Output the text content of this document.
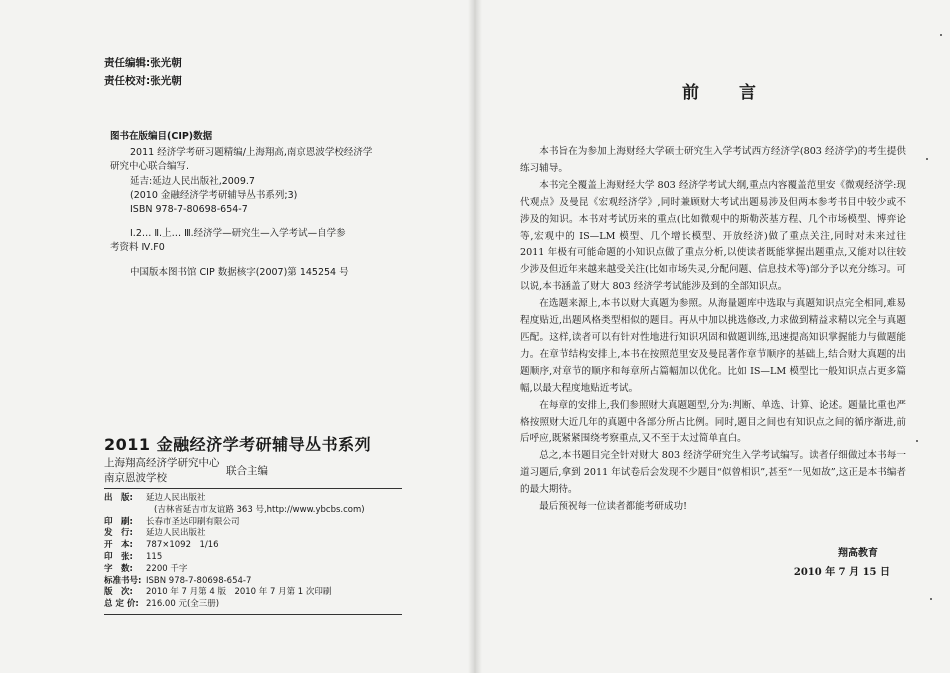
责任编辑:张光朝
责任校对:张光朝
图书在版编目(CIP)数据
2011 经济学考研习题精编/上海翔高,南京恩波学校经济学
研究中心联合编写.
延吉:延边人民出版社,2009.7
(2010 金融经济学考研辅导丛书系列;3)
ISBN 978-7-80698-654-7
Ⅰ.2… Ⅱ.上… Ⅲ.经济学—研究生—入学考试—自学参
考资料 Ⅳ.F0
中国版本图书馆 CIP 数据核字(2007)第 145254 号
2011 金融经济学考研辅导丛书系列
上海翔高经济学研究中心
南京恩波学校
联合主编
出　版:	延边人民出版社
(吉林省延吉市友谊路 363 号,http://www.ybcbs.com)
印　刷:	长春市圣达印刷有限公司
发　行:	延边人民出版社
开　本:	787×1092　1/16
印　张:	115
字　数:	2200 千字
标准书号: ISBN 978-7-80698-654-7
版　次:	2010 年 7 月第 4 版　2010 年 7 月第 1 次印刷
总 定 价: 216.00 元(全三册)
前言

本书旨在为参加上海财经大学硕士研究生入学考试西方经济学(803 经济学)的考生提供练习辅导。

本书完全覆盖上海财经大学 803 经济学考试大纲,重点内容覆盖范里安《微观经济学:现代观点》及曼昆《宏观经济学》,同时兼顾财大考试出题易涉及但两本参考书目中较少或不涉及的知识。本书对考试历来的重点(比如微观中的斯勒茨基方程、几个市场模型、博弈论等,宏观中的 IS—LM 模型、几个增长模型、开放经济)做了重点关注,同时对未来过往 2011 年极有可能命题的小知识点做了重点分析,以使读者既能掌握出题重点,又能对以往较少涉及但近年来越来越受关注(比如市场失灵,分配问题、信息技术等)部分予以充分练习。可以说,本书涵盖了财大 803 经济学考试能涉及到的全部知识点。

在选题来源上,本书以财大真题为参照。从海量题库中选取与真题知识点完全相同,难易程度贴近,出题风格类型相似的题目。再从中加以挑选修改,力求做到精益求精以完全与真题匹配。这样,读者可以有针对性地进行知识巩固和做题训练,迅速提高知识掌握能力与做题能力。在章节结构安排上,本书在按照范里安及曼昆著作章节顺序的基础上,结合财大真题的出题顺序,对章节的顺序和每章所占篇幅加以优化。比如 IS—LM 模型比一般知识点占更多篇幅,以最大程度地贴近考试。

在每章的安排上,我们参照财大真题题型,分为:判断、单选、计算、论述。题量比重也严格按照财大近几年的真题中各部分所占比例。同时,题目之间也有知识点之间的循序渐进,前后呼应,既紧紧围绕考察重点,又不至于太过简单直白。

总之,本书题目完全针对财大 803 经济学研究生入学考试编写。读者仔细做过本书每一道习题后,拿到 2011 年试卷后会发现不少题目“似曾相识”,甚至“一见如故”,这正是本书编者的最大期待。

最后预祝每一位读者都能考研成功!

翔高教育
2010 年 7 月 15 日
